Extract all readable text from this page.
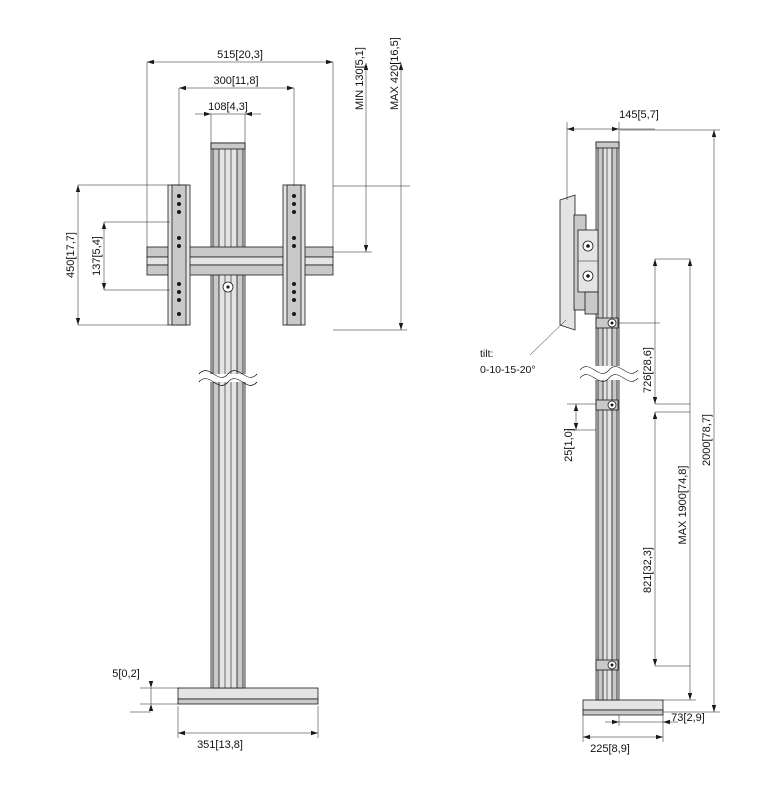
515[20,3]
300[11,8]
108[4,3]
450[17,7] 137[5,4]
MIN 130[5,1] MAX 420[16,5]
5[0,2]
351[13,8]
145[5,7]
2000[78,7]
726[28,6]
821[32,3]
MAX 1900[74,8]
25[1,0]
73[2,9]
225[8,9]
tilt:
0-10-15-20°
